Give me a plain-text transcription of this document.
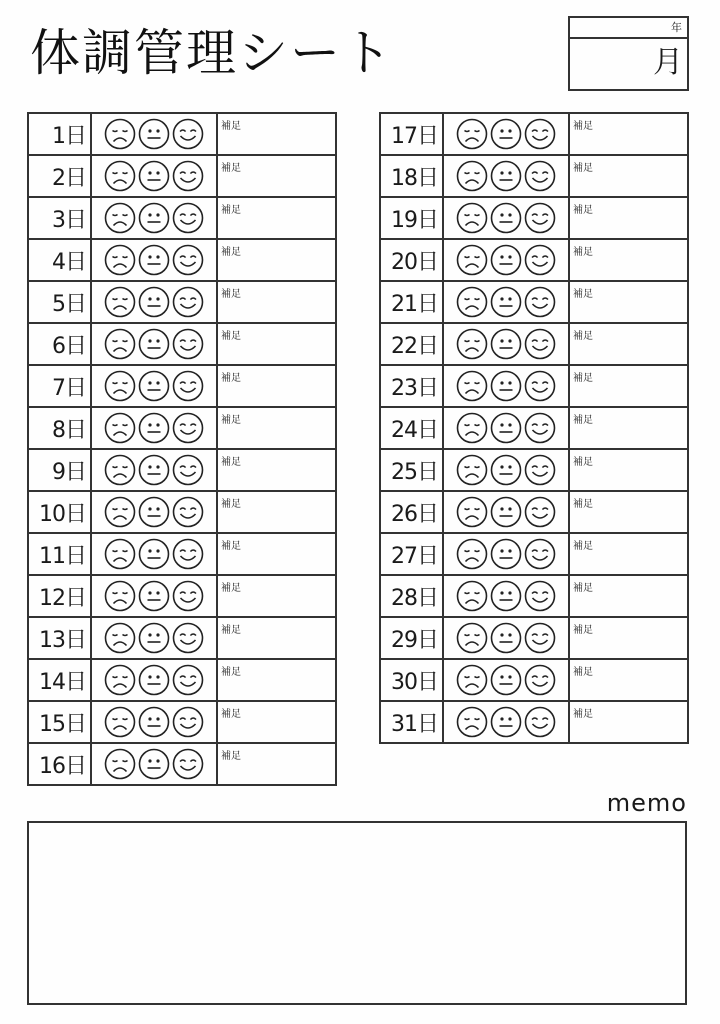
体調管理シート	年
月
1日		補足
2日		補足
3日		補足
4日		補足
5日		補足
6日		補足
7日		補足
8日		補足
9日		補足
10日		補足
11日		補足
12日		補足
13日		補足
14日		補足
15日		補足
16日		補足
17日		補足
18日		補足
19日		補足
20日		補足
21日		補足
22日		補足
23日		補足
24日		補足
25日		補足
26日		補足
27日		補足
28日		補足
29日		補足
30日		補足
31日		補足
memo
